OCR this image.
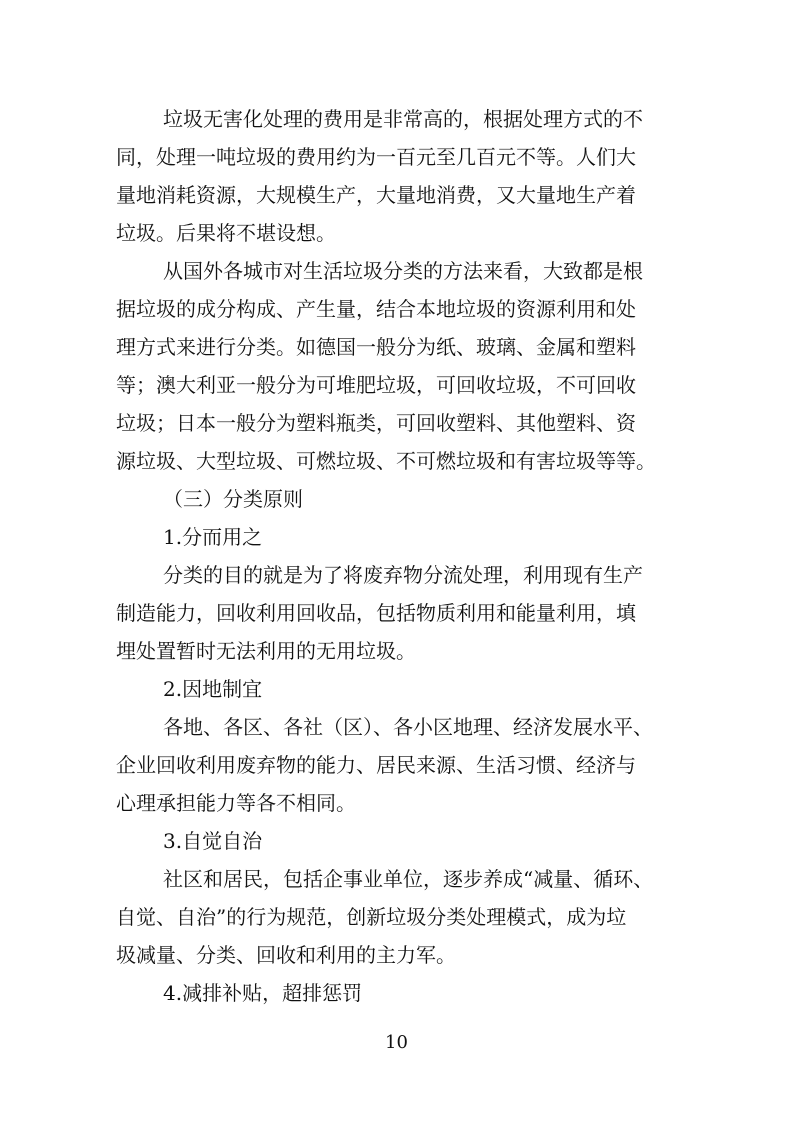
垃圾无害化处理的费用是非常高的，根据处理方式的不
同，处理一吨垃圾的费用约为一百元至几百元不等。人们大
量地消耗资源，大规模生产，大量地消费，又大量地生产着
垃圾。后果将不堪设想。
从国外各城市对生活垃圾分类的方法来看，大致都是根
据垃圾的成分构成、产生量，结合本地垃圾的资源利用和处
理方式来进行分类。如德国一般分为纸、玻璃、金属和塑料
等；澳大利亚一般分为可堆肥垃圾，可回收垃圾，不可回收
垃圾；日本一般分为塑料瓶类，可回收塑料、其他塑料、资
源垃圾、大型垃圾、可燃垃圾、不可燃垃圾和有害垃圾等等。
（三）分类原则
1.分而用之
分类的目的就是为了将废弃物分流处理，利用现有生产
制造能力，回收利用回收品，包括物质利用和能量利用，填
埋处置暂时无法利用的无用垃圾。
2.因地制宜
各地、各区、各社（区）、各小区地理、经济发展水平、
企业回收利用废弃物的能力、居民来源、生活习惯、经济与
心理承担能力等各不相同。
3.自觉自治
社区和居民，包括企事业单位，逐步养成“减量、循环、
自觉、自治”的行为规范，创新垃圾分类处理模式，成为垃
圾减量、分类、回收和利用的主力军。
4.减排补贴，超排惩罚
10
